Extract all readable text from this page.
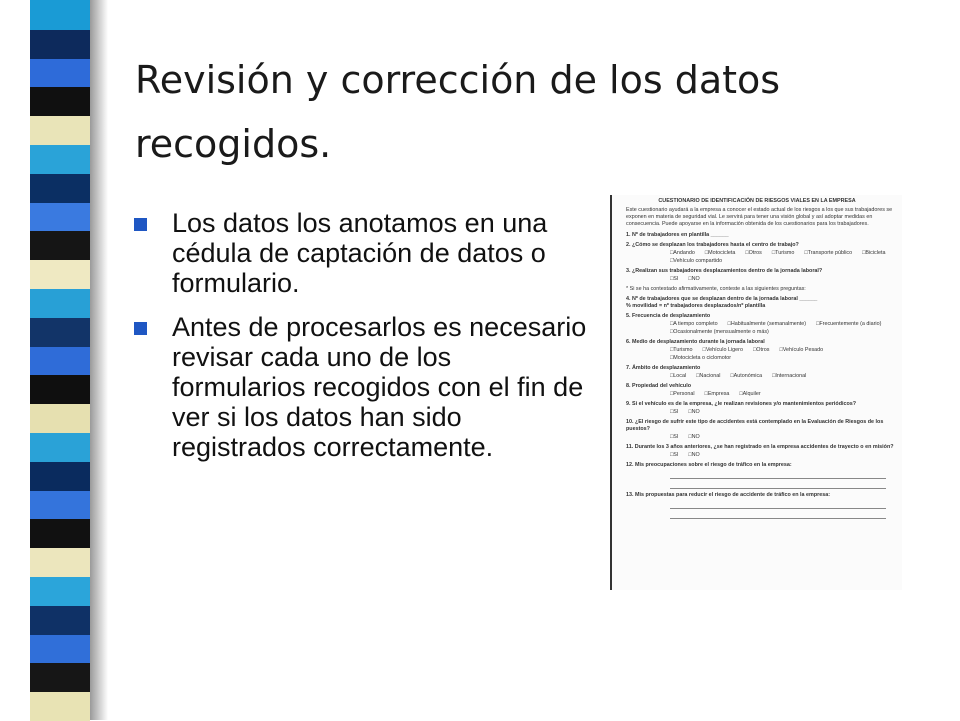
Revisión y corrección de los datos recogidos.
Los datos los anotamos en una cédula de captación de datos o formulario.
Antes de procesarlos es necesario revisar cada uno de los formularios recogidos con el fin de ver si los datos han sido registrados correctamente.
CUESTIONARIO DE IDENTIFICACIÓN DE RIESGOS VIALES EN LA EMPRESA
Este cuestionario ayudará a la empresa a conocer el estado actual de los riesgos a los que sus trabajadores se exponen en materia de seguridad vial. Le servirá para tener una visión global y así adoptar medidas en consecuencia. Puede apoyarse en la información obtenida de los cuestionarios para los trabajadores.
1. Nº de trabajadores en plantilla ______
2. ¿Cómo se desplazan los trabajadores hasta el centro de trabajo?
□ Andando	□ Motocicleta	□ Otros	□ Turismo	□ Transporte público	□ Bicicleta
□ Vehículo compartido
3. ¿Realizan sus trabajadores desplazamientos dentro de la jornada laboral?
□ SI	□ NO
* Si se ha contestado afirmativamente, conteste a las siguientes preguntas:
4. Nº de trabajadores que se desplazan dentro de la jornada laboral ______
% movilidad = nº trabajadores desplazados/nº plantilla
5. Frecuencia de desplazamiento
□ A tiempo completo	□ Habitualmente (semanalmente)	□ Frecuentemente (a diario)
□ Ocasionalmente (mensualmente o más)
6. Medio de desplazamiento durante la jornada laboral
□ Turismo	□ Vehículo Ligero	□ Otros	□ Vehículo Pesado
□ Motocicleta o ciclomotor
7. Ámbito de desplazamiento
□ Local	□ Nacional	□ Autonómica	□ Internacional
8. Propiedad del vehículo
□ Personal	□ Empresa	□ Alquiler
9. Si el vehículo es de la empresa, ¿le realizan revisiones y/o mantenimientos periódicos?
□ SI	□ NO
10. ¿El riesgo de sufrir este tipo de accidentes está contemplado en la Evaluación de Riesgos de los puestos?
□ SI	□ NO
11. Durante los 3 años anteriores, ¿se han registrado en la empresa accidentes de trayecto o en misión?
□ SI	□ NO
12. Mis preocupaciones sobre el riesgo de tráfico en la empresa:
13. Mis propuestas para reducir el riesgo de accidente de tráfico en la empresa:
